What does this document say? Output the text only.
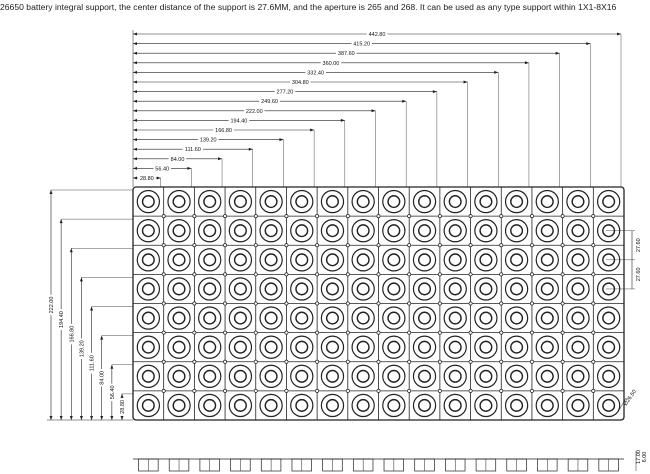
26650 battery integral support, the center distance of the support is 27.6MM, and the aperture is 265 and 268. It can be used as any type support within 1X1-8X16
28.80
56.40
84.00
111.60
139.20
166.80
194.40
222.00
249.60
277.20
304.80
332.40
360.00
387.60
415.20
442.80
28.80
56.40
84.00
111.60
139.20
166.80
194.40
222.00
27.60
27.60
17.00 6.00
Ø26.50
